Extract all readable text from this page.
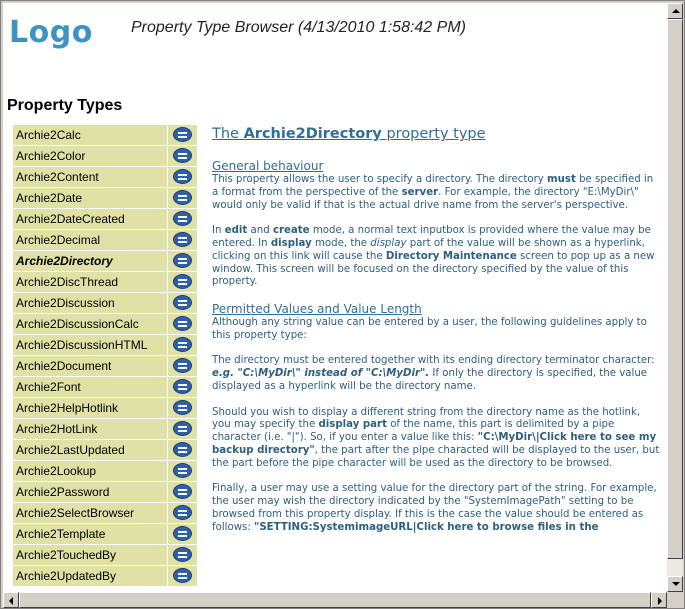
Logo Property Type Browser (4/13/2010 1:58:42 PM)
Property Types
Archie2Calc
Archie2Color
Archie2Content
Archie2Date
Archie2DateCreated
Archie2Decimal
Archie2Directory
Archie2DiscThread
Archie2Discussion
Archie2DiscussionCalc
Archie2DiscussionHTML
Archie2Document
Archie2Font
Archie2HelpHotlink
Archie2HotLink
Archie2LastUpdated
Archie2Lookup
Archie2Password
Archie2SelectBrowser
Archie2Template
Archie2TouchedBy
Archie2UpdatedBy
The Archie2Directory property type
General behaviour

This property allows the user to specify a directory. The directory must be specified in a format from the perspective of the server. For example, the directory "E:\MyDir\" would only be valid if that is the actual drive name from the server's perspective.

In edit and create mode, a normal text inputbox is provided where the value may be entered. In display mode, the display part of the value will be shown as a hyperlink, clicking on this link will cause the Directory Maintenance screen to pop up as a new window. This screen will be focused on the directory specified by the value of this property.

Permitted Values and Value Length

Although any string value can be entered by a user, the following guidelines apply to this property type:

The directory must be entered together with its ending directory terminator character: e.g. "C:\MyDir\" instead of "C:\MyDir". If only the directory is specified, the value displayed as a hyperlink will be the directory name.

Should you wish to display a different string from the directory name as the hotlink, you may specify the display part of the name, this part is delimited by a pipe character (i.e. "|"). So, if you enter a value like this: "C:\MyDir\|Click here to see my backup directory", the part after the pipe characted will be displayed to the user, but the part before the pipe character will be used as the directory to be browsed.

Finally, a user may use a setting value for the directory part of the string. For example, the user may wish the directory indicated by the "SystemImagePath" setting to be browsed from this property display. If this is the case the value should be entered as follows: "SETTING:SystemimageURL|Click here to browse files in the
